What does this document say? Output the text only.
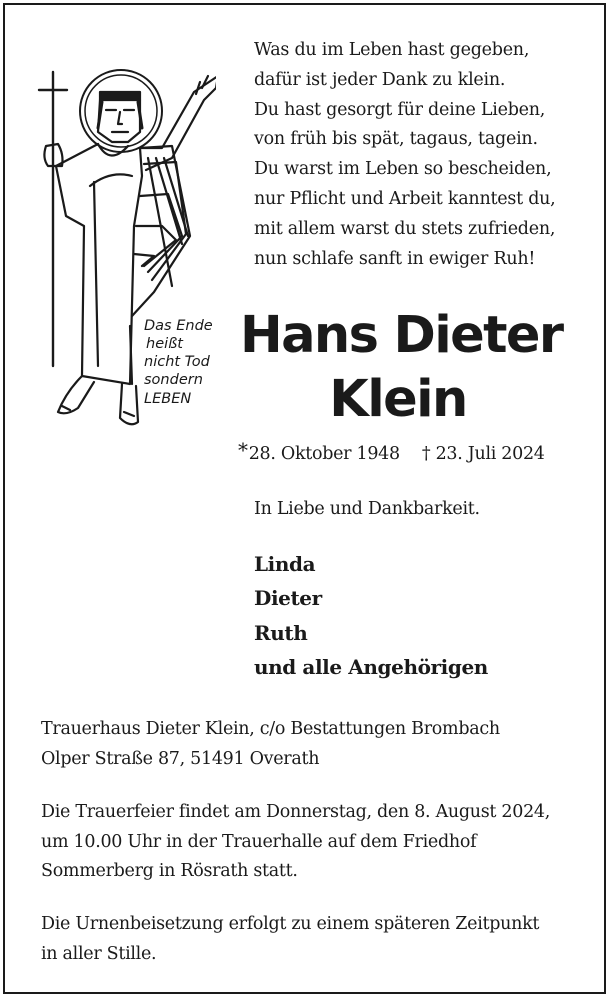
Was du im Leben hast gegeben,
dafür ist jeder Dank zu klein.
Du hast gesorgt für deine Lieben,
von früh bis spät, tagaus, tagein.
Du warst im Leben so bescheiden,
nur Pflicht und Arbeit kanntest du,
mit allem warst du stets zufrieden,
nun schlafe sanft in ewiger Ruh!
Das Ende
heißt
nicht Tod
sondern
LEBEN
Hans Dieter
Klein
*28. Oktober 1948 † 23. Juli 2024
In Liebe und Dankbarkeit.
Linda
Dieter
Ruth
und alle Angehörigen
Trauerhaus Dieter Klein, c/o Bestattungen Brombach
Olper Straße 87, 51491 Overath
Die Trauerfeier findet am Donnerstag, den 8. August 2024,
um 10.00 Uhr in der Trauerhalle auf dem Friedhof
Sommerberg in Rösrath statt.
Die Urnenbeisetzung erfolgt zu einem späteren Zeitpunkt
in aller Stille.
